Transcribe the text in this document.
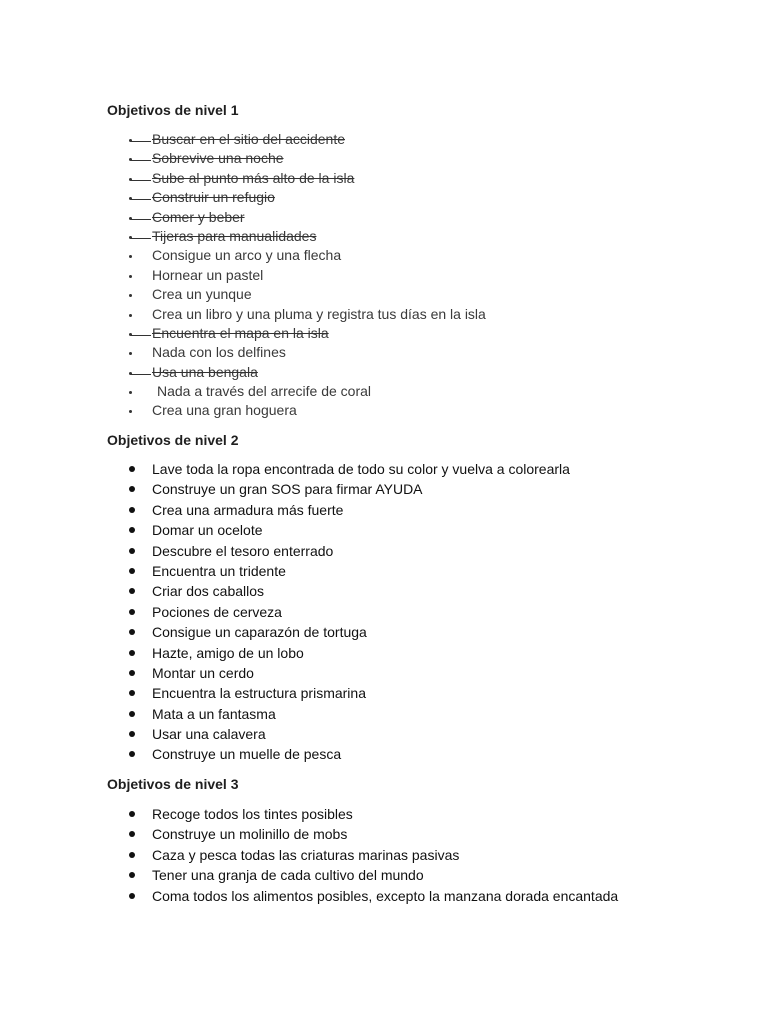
Objetivos de nivel 1
Buscar en el sitio del accidente
Sobrevive una noche
Sube al punto más alto de la isla
Construir un refugio
Comer y beber
Tijeras para manualidades
Consigue un arco y una flecha
Hornear un pastel
Crea un yunque
Crea un libro y una pluma y registra tus días en la isla
Encuentra el mapa en la isla
Nada con los delfines
Usa una bengala
Nada a través del arrecife de coral
Crea una gran hoguera
Objetivos de nivel 2
Lave toda la ropa encontrada de todo su color y vuelva a colorearla
Construye un gran SOS para firmar AYUDA
Crea una armadura más fuerte
Domar un ocelote
Descubre el tesoro enterrado
Encuentra un tridente
Criar dos caballos
Pociones de cerveza
Consigue un caparazón de tortuga
Hazte, amigo de un lobo
Montar un cerdo
Encuentra la estructura prismarina
Mata a un fantasma
Usar una calavera
Construye un muelle de pesca
Objetivos de nivel 3
Recoge todos los tintes posibles
Construye un molinillo de mobs
Caza y pesca todas las criaturas marinas pasivas
Tener una granja de cada cultivo del mundo
Coma todos los alimentos posibles, excepto la manzana dorada encantada
